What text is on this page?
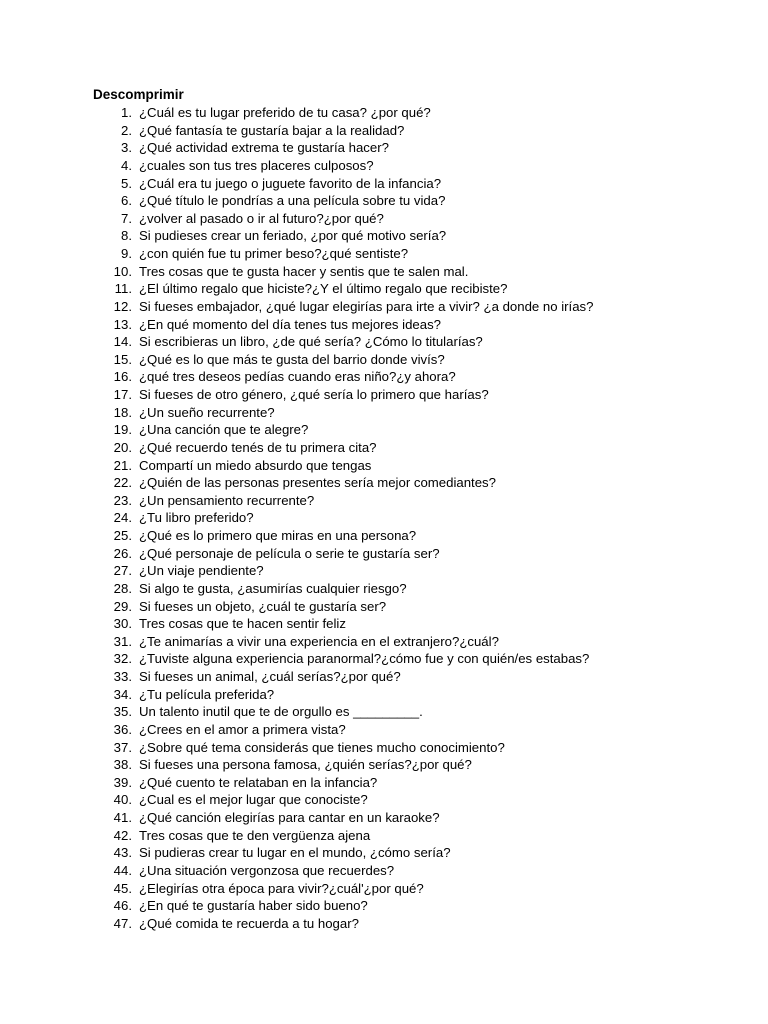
Descomprimir
1. ¿Cuál es tu lugar preferido de tu casa? ¿por qué?
2. ¿Qué fantasía te gustaría bajar a la realidad?
3. ¿Qué actividad extrema te gustaría hacer?
4. ¿cuales son tus tres placeres culposos?
5. ¿Cuál era tu juego o juguete favorito de la infancia?
6. ¿Qué título le pondrías a una película sobre tu vida?
7. ¿volver al pasado o ir al futuro?¿por qué?
8. Si pudieses crear un feriado, ¿por qué motivo sería?
9. ¿con quién fue tu primer beso?¿qué sentiste?
10. Tres cosas que te gusta hacer y sentis que te salen mal.
11. ¿El último regalo que hiciste?¿Y el último regalo que recibiste?
12. Si fueses embajador, ¿qué lugar elegirías para irte a vivir? ¿a donde no irías?
13. ¿En qué momento del día tenes tus mejores ideas?
14. Si escribieras un libro, ¿de qué sería? ¿Cómo lo titularías?
15. ¿Qué es lo que más te gusta del barrio donde vivís?
16. ¿qué tres deseos pedías cuando eras niño?¿y ahora?
17. Si fueses de otro género, ¿qué sería lo primero que harías?
18. ¿Un sueño recurrente?
19. ¿Una canción que te alegre?
20. ¿Qué recuerdo tenés de tu primera cita?
21. Compartí un miedo absurdo que tengas
22. ¿Quién de las personas presentes sería mejor comediantes?
23. ¿Un pensamiento recurrente?
24. ¿Tu libro preferido?
25. ¿Qué es lo primero que miras en una persona?
26. ¿Qué personaje de película o serie te gustaría ser?
27. ¿Un viaje pendiente?
28. Si algo te gusta, ¿asumirías cualquier riesgo?
29. Si fueses un objeto, ¿cuál te gustaría ser?
30. Tres cosas que te hacen sentir feliz
31. ¿Te animarías a vivir una experiencia en el extranjero?¿cuál?
32. ¿Tuviste alguna experiencia paranormal?¿cómo fue y con quién/es estabas?
33. Si fueses un animal, ¿cuál serías?¿por qué?
34. ¿Tu película preferida?
35. Un talento inutil que te de orgullo es _________.
36. ¿Crees en el amor a primera vista?
37. ¿Sobre qué tema considerás que tienes mucho conocimiento?
38. Si fueses una persona famosa, ¿quién serías?¿por qué?
39. ¿Qué cuento te relataban en la infancia?
40. ¿Cual es el mejor lugar que conociste?
41. ¿Qué canción elegirías para cantar en un karaoke?
42. Tres cosas que te den vergüenza ajena
43. Si pudieras crear tu lugar en el mundo, ¿cómo sería?
44. ¿Una situación vergonzosa que recuerdes?
45. ¿Elegirías otra época para vivir?¿cuál'¿por qué?
46. ¿En qué te gustaría haber sido bueno?
47. ¿Qué comida te recuerda a tu hogar?
